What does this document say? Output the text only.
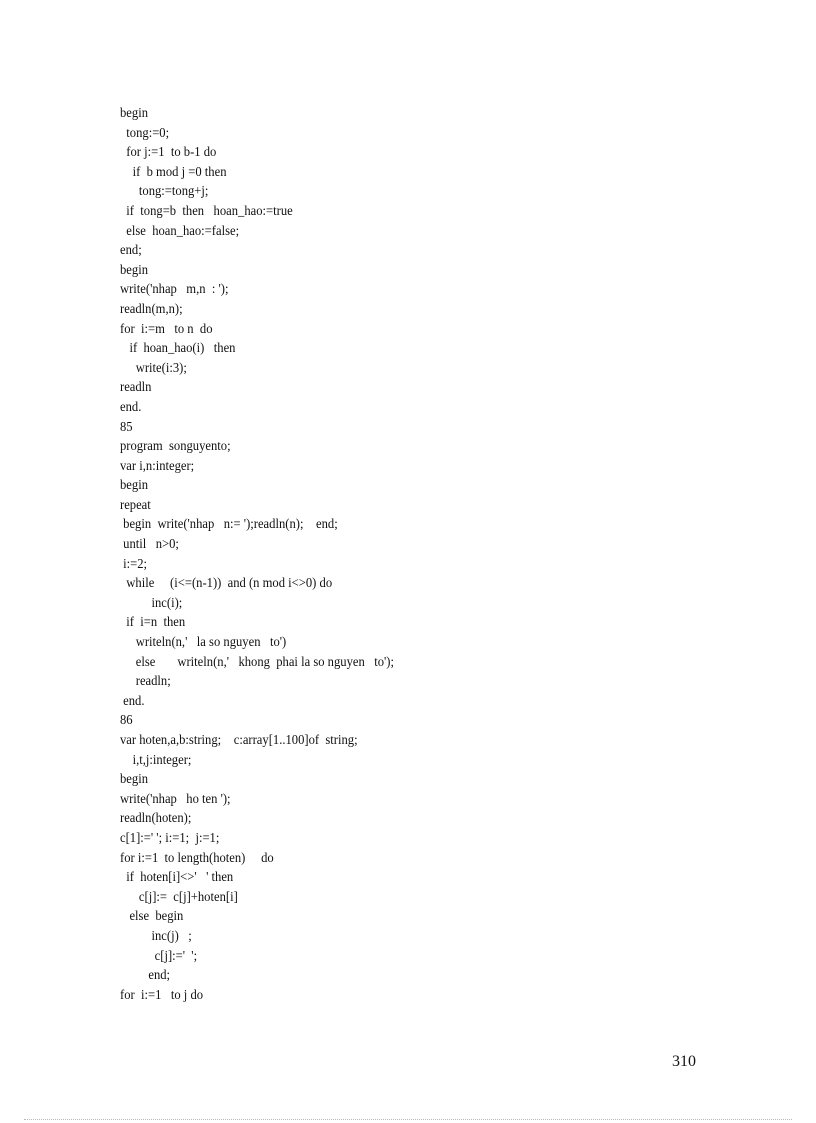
begin
tong:=0;
for j:=1  to b-1 do
if  b mod j =0 then
tong:=tong+j;
if  tong=b  then   hoan_hao:=true
else  hoan_hao:=false;
end;
begin
write('nhap   m,n  : ');
readln(m,n);
for  i:=m   to n  do
if  hoan_hao(i)   then
write(i:3);
readln
end.
85
program  songuyento;
var i,n:integer;
begin
repeat
begin  write('nhap   n:= ');readln(n);    end;
until   n>0;
i:=2;
while     (i<=(n-1))  and (n mod i<>0) do
inc(i);
if  i=n  then
writeln(n,'   la so nguyen   to')
else       writeln(n,'   khong  phai la so nguyen   to');
readln;
end.
86
var hoten,a,b:string;    c:array[1..100]of  string;
i,t,j:integer;
begin
write('nhap   ho ten ');
readln(hoten);
c[1]:=' '; i:=1;  j:=1;
for i:=1  to length(hoten)     do
if  hoten[i]<>'   ' then
c[j]:=  c[j]+hoten[i]
else  begin
inc(j)   ;
c[j]:='  ';
end;
for  i:=1   to j do
310
